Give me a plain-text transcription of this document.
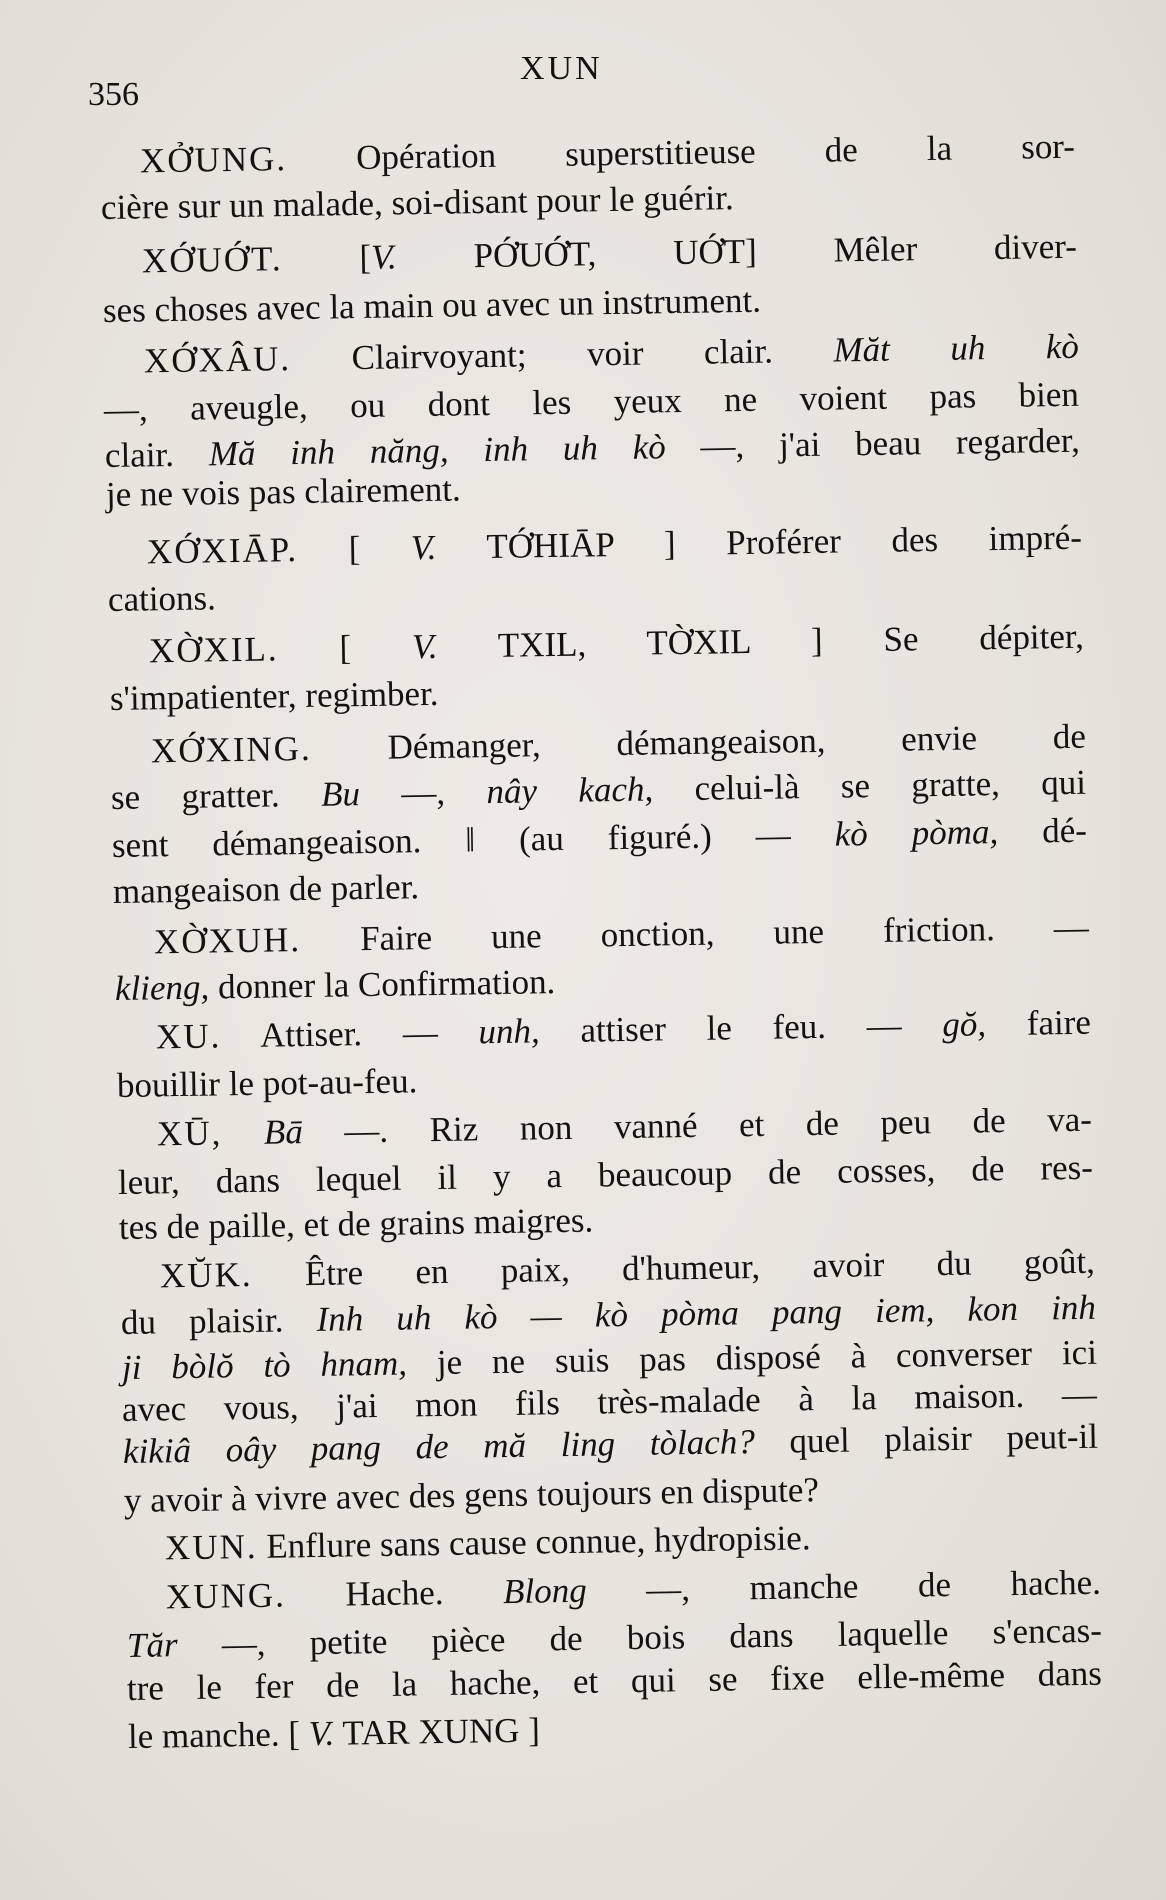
XUN
356
XỞUNG. Opération superstitieuse de la sor-
cière sur un malade, soi-disant pour le guérir.
XỚUỚT. [V. PỚUỚT, UỚT] Mêler diver-
ses choses avec la main ou avec un instrument.
XỚXÂU. Clairvoyant; voir clair. Măt uh kò
—, aveugle, ou dont les yeux ne voient pas bien
clair. Mă inh năng, inh uh kò —, j'ai beau regarder,
je ne vois pas clairement.
XỚXIĀP. [ V. TỚHIĀP ] Proférer des impré-
cations.
XỜXIL. [ V. TXIL, TỜXIL ] Se dépiter,
s'impatienter, regimber.
XỚXING. Démanger, démangeaison, envie de
se gratter. Bu —, nây kach, celui-là se gratte, qui
sent démangeaison. ‖ (au figuré.) — kò pòma, dé-
mangeaison de parler.
XỜXUH. Faire une onction, une friction. —
klieng, donner la Confirmation.
XU. Attiser. — unh, attiser le feu. — gŏ, faire
bouillir le pot-au-feu.
XŪ, Bā —. Riz non vanné et de peu de va-
leur, dans lequel il y a beaucoup de cosses, de res-
tes de paille, et de grains maigres.
XŬK. Être en paix, d'humeur, avoir du goût,
du plaisir. Inh uh kò — kò pòma pang iem, kon inh
ji bòlŏ tò hnam, je ne suis pas disposé à converser ici
avec vous, j'ai mon fils très-malade à la maison. —
kikiâ oây pang de mă ling tòlach? quel plaisir peut-il
y avoir à vivre avec des gens toujours en dispute?
XUN. Enflure sans cause connue, hydropisie.
XUNG. Hache. Blong —, manche de hache.
Tăr —, petite pièce de bois dans laquelle s'encas-
tre le fer de la hache, et qui se fixe elle-même dans
le manche. [ V. TAR XUNG ]
